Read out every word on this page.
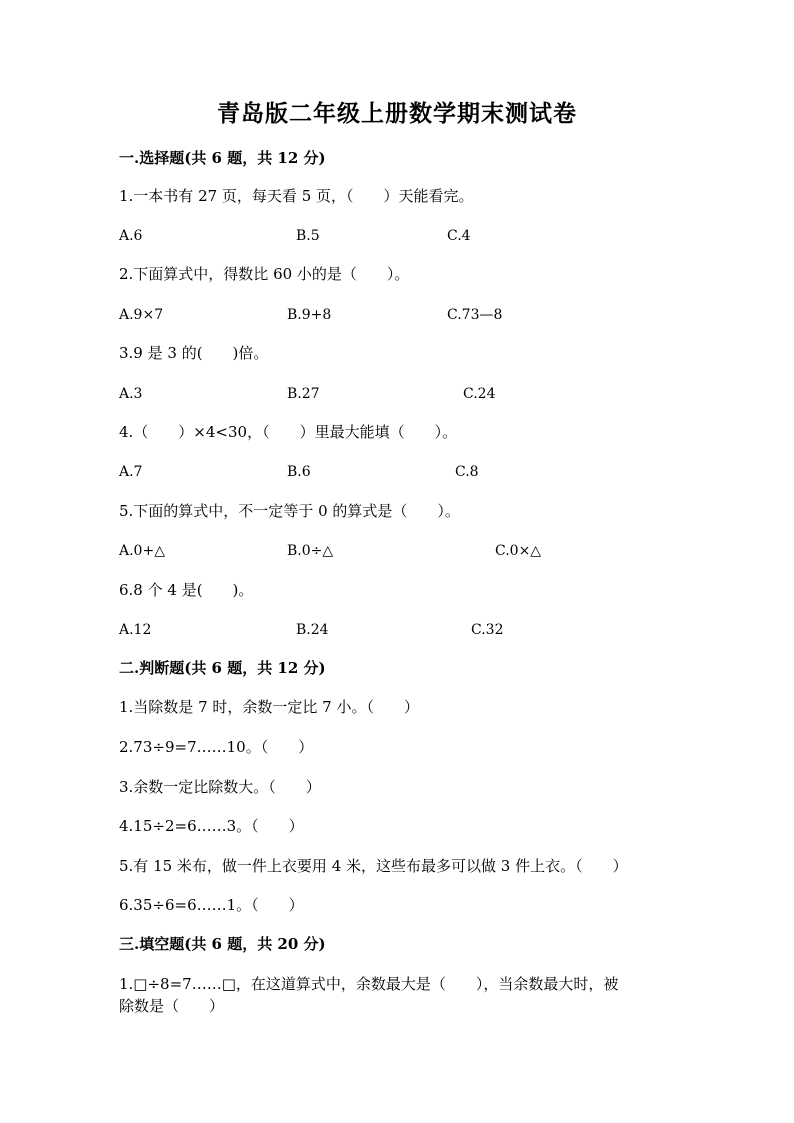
青岛版二年级上册数学期末测试卷
一.选择题(共 6 题，共 12 分)
1.一本书有 27 页，每天看 5 页，（　　）天能看完。
A.6	B.5	C.4
2.下面算式中，得数比 60 小的是（　　）。
A.9×7	B.9+8	C.73—8
3.9 是 3 的(　　)倍。
A.3	B.27	C.24
4.（　　）×4<30，（　　）里最大能填（　　）。
A.7	B.6	C.8
5.下面的算式中，不一定等于 0 的算式是（　　）。
A.0+△	B.0÷△	C.0×△
6.8 个 4 是(　　)。
A.12	B.24	C.32
二.判断题(共 6 题，共 12 分)
1.当除数是 7 时，余数一定比 7 小。（　　）
2.73÷9=7……10。（　　）
3.余数一定比除数大。（　　）
4.15÷2=6……3。（　　）
5.有 15 米布，做一件上衣要用 4 米，这些布最多可以做 3 件上衣。（　　）
6.35÷6=6……1。（　　）
三.填空题(共 6 题，共 20 分)
1.□÷8=7……□，在这道算式中，余数最大是（　　），当余数最大时，被
除数是（　　）
